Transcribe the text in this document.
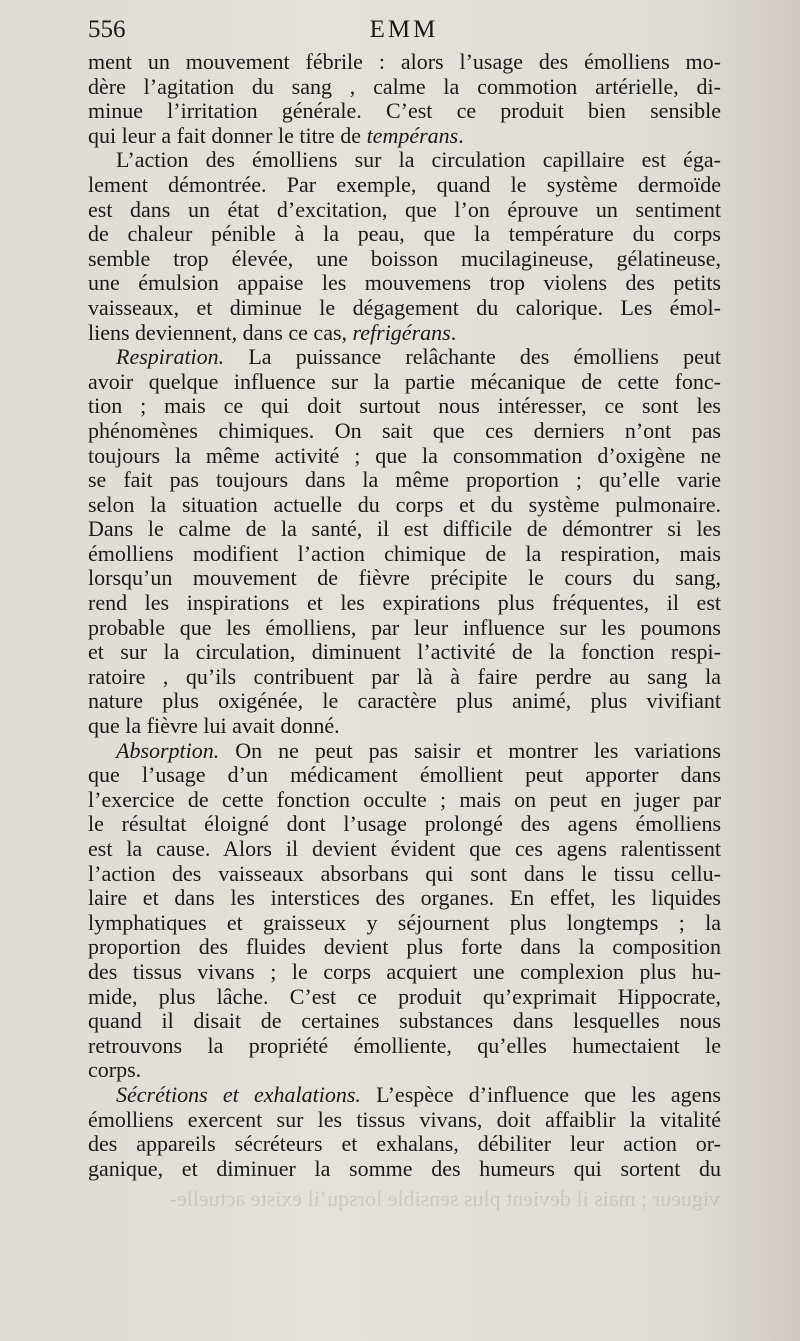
556	EMM
ment un mouvement fébrile : alors l’usage des émolliens mo-
dère l’agitation du sang , calme la commotion artérielle, di-
minue l’irritation générale. C’est ce produit bien sensible
qui leur a fait donner le titre de tempérans.
L’action des émolliens sur la circulation capillaire est éga-
lement démontrée. Par exemple, quand le système dermoïde
est dans un état d’excitation, que l’on éprouve un sentiment
de chaleur pénible à la peau, que la température du corps
semble trop élevée, une boisson mucilagineuse, gélatineuse,
une émulsion appaise les mouvemens trop violens des petits
vaisseaux, et diminue le dégagement du calorique. Les émol-
liens deviennent, dans ce cas, refrigérans.
Respiration. La puissance relâchante des émolliens peut
avoir quelque influence sur la partie mécanique de cette fonc-
tion ; mais ce qui doit surtout nous intéresser, ce sont les
phénomènes chimiques. On sait que ces derniers n’ont pas
toujours la même activité ; que la consommation d’oxigène ne
se fait pas toujours dans la même proportion ; qu’elle varie
selon la situation actuelle du corps et du système pulmonaire.
Dans le calme de la santé, il est difficile de démontrer si les
émolliens modifient l’action chimique de la respiration, mais
lorsqu’un mouvement de fièvre précipite le cours du sang,
rend les inspirations et les expirations plus fréquentes, il est
probable que les émolliens, par leur influence sur les poumons
et sur la circulation, diminuent l’activité de la fonction respi-
ratoire , qu’ils contribuent par là à faire perdre au sang la
nature plus oxigénée, le caractère plus animé, plus vivifiant
que la fièvre lui avait donné.
Absorption. On ne peut pas saisir et montrer les variations
que l’usage d’un médicament émollient peut apporter dans
l’exercice de cette fonction occulte ; mais on peut en juger par
le résultat éloigné dont l’usage prolongé des agens émolliens
est la cause. Alors il devient évident que ces agens ralentissent
l’action des vaisseaux absorbans qui sont dans le tissu cellu-
laire et dans les interstices des organes. En effet, les liquides
lymphatiques et graisseux y séjournent plus longtemps ; la
proportion des fluides devient plus forte dans la composition
des tissus vivans ; le corps acquiert une complexion plus hu-
mide, plus lâche. C’est ce produit qu’exprimait Hippocrate,
quand il disait de certaines substances dans lesquelles nous
retrouvons la propriété émolliente, qu’elles humectaient le
corps.
Sécrétions et exhalations. L’espèce d’influence que les agens
émolliens exercent sur les tissus vivans, doit affaiblir la vitalité
des appareils sécréteurs et exhalans, débiliter leur action or-
ganique, et diminuer la somme des humeurs qui sortent du
vigueur ; mais il devient plus sensible lorsqu’il existe actuelle-
